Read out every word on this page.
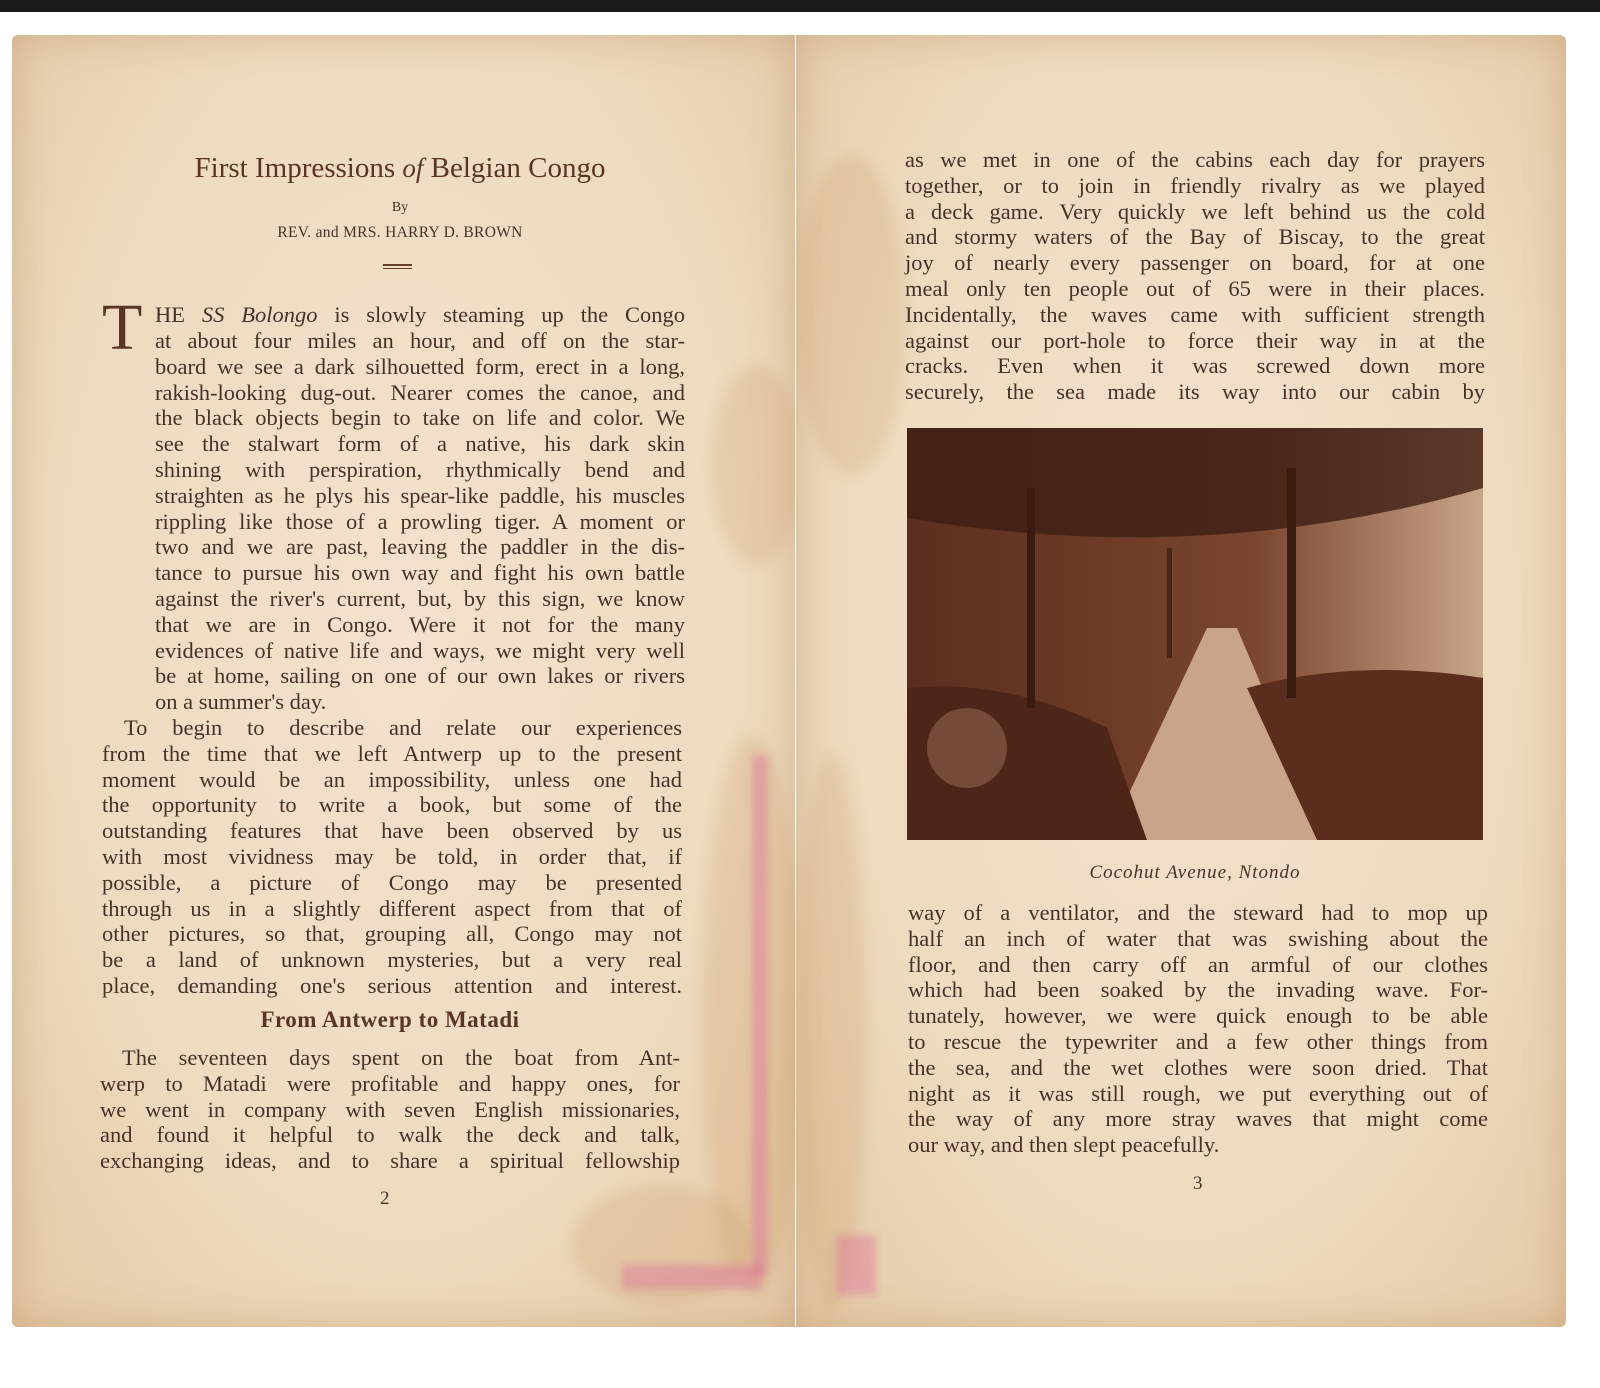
First Impressions of Belgian Congo
By
REV. and MRS. HARRY D. BROWN
T HE SS Bolongo is slowly steaming up the Congo
at about four miles an hour, and off on the star-
board we see a dark silhouetted form, erect in a long,
rakish-looking dug-out. Nearer comes the canoe, and
the black objects begin to take on life and color. We
see the stalwart form of a native, his dark skin
shining with perspiration, rhythmically bend and
straighten as he plys his spear-like paddle, his muscles
rippling like those of a prowling tiger. A moment or
two and we are past, leaving the paddler in the dis-
tance to pursue his own way and fight his own battle
against the river's current, but, by this sign, we know
that we are in Congo. Were it not for the many
evidences of native life and ways, we might very well
be at home, sailing on one of our own lakes or rivers
on a summer's day.
To begin to describe and relate our experiences
from the time that we left Antwerp up to the present
moment would be an impossibility, unless one had
the opportunity to write a book, but some of the
outstanding features that have been observed by us
with most vividness may be told, in order that, if
possible, a picture of Congo may be presented
through us in a slightly different aspect from that of
other pictures, so that, grouping all, Congo may not
be a land of unknown mysteries, but a very real
place, demanding one's serious attention and interest.
From Antwerp to Matadi
The seventeen days spent on the boat from Ant-
werp to Matadi were profitable and happy ones, for
we went in company with seven English missionaries,
and found it helpful to walk the deck and talk,
exchanging ideas, and to share a spiritual fellowship
2
as we met in one of the cabins each day for prayers
together, or to join in friendly rivalry as we played
a deck game. Very quickly we left behind us the cold
and stormy waters of the Bay of Biscay, to the great
joy of nearly every passenger on board, for at one
meal only ten people out of 65 were in their places.
Incidentally, the waves came with sufficient strength
against our port-hole to force their way in at the
cracks. Even when it was screwed down more
securely, the sea made its way into our cabin by
Cocohut Avenue, Ntondo
way of a ventilator, and the steward had to mop up
half an inch of water that was swishing about the
floor, and then carry off an armful of our clothes
which had been soaked by the invading wave. For-
tunately, however, we were quick enough to be able
to rescue the typewriter and a few other things from
the sea, and the wet clothes were soon dried. That
night as it was still rough, we put everything out of
the way of any more stray waves that might come
our way, and then slept peacefully.
3
